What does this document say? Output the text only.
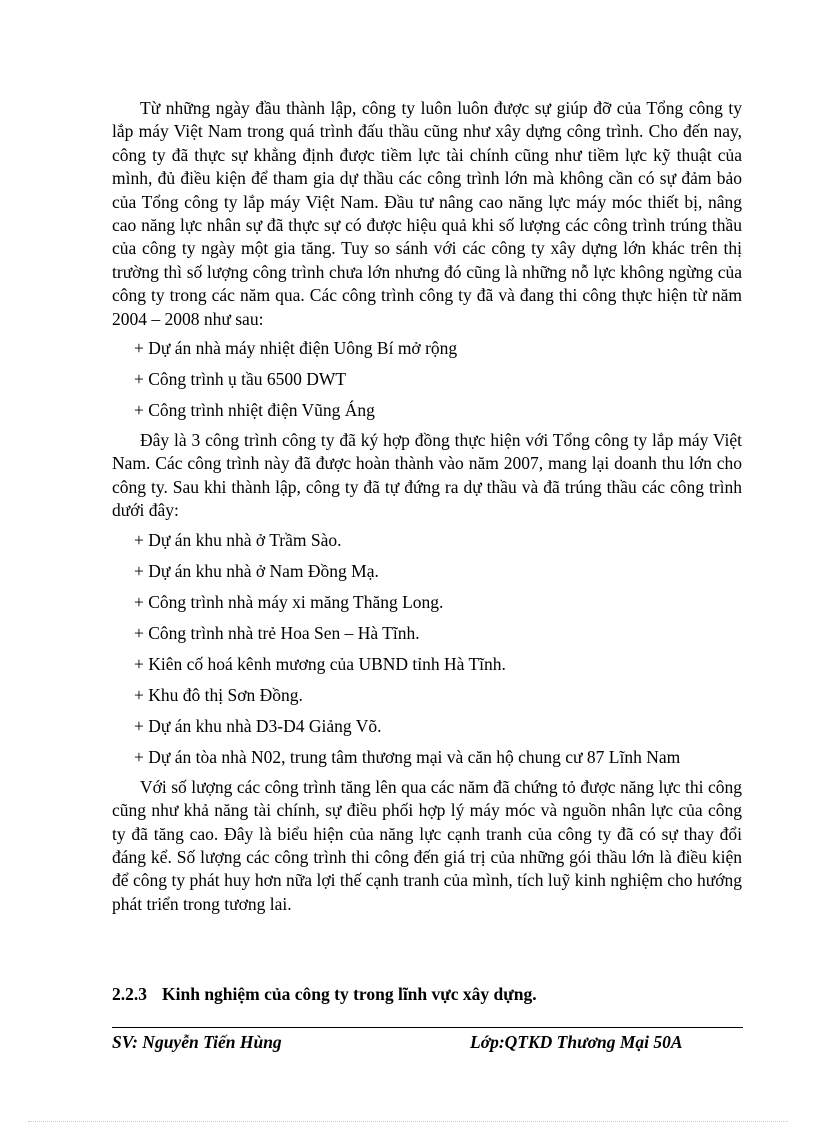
Từ những ngày đầu thành lập, công ty luôn luôn được sự giúp đỡ của Tổng công ty lắp máy Việt Nam trong quá trình đấu thầu cũng như xây dựng công trình. Cho đến nay, công ty đã thực sự khẳng định được tiềm lực tài chính cũng như tiềm lực kỹ thuật của mình, đủ điều kiện để tham gia dự thầu các công trình lớn mà không cần có sự đảm bảo của Tổng công ty lắp máy Việt Nam. Đầu tư nâng cao năng lực máy móc thiết bị, nâng cao năng lực nhân sự đã thực sự có được hiệu quả khi số lượng các công trình trúng thầu của công ty ngày một gia tăng. Tuy so sánh với các công ty xây dựng lớn khác trên thị trường thì số lượng công trình chưa lớn nhưng đó cũng là những nỗ lực không ngừng của công ty trong các năm qua. Các công trình công ty đã và đang thi công thực hiện từ năm 2004 – 2008 như sau:

+ Dự án nhà máy nhiệt điện Uông Bí mở rộng
+ Công trình ụ tầu 6500 DWT
+ Công trình nhiệt điện Vũng Áng

Đây là 3 công trình công ty đã ký hợp đồng thực hiện với Tổng công ty lắp máy Việt Nam. Các công trình này đã được hoàn thành vào năm 2007, mang lại doanh thu lớn cho công ty. Sau khi thành lập, công ty đã tự đứng ra dự thầu và đã trúng thầu các công trình dưới đây:

+ Dự án khu nhà ở Trầm Sào.
+ Dự án khu nhà ở Nam Đồng Mạ.
+ Công trình nhà máy xi măng Thăng Long.
+ Công trình nhà trẻ Hoa Sen – Hà Tĩnh.
+ Kiên cố hoá kênh mương của UBND tỉnh Hà Tĩnh.
+ Khu đô thị Sơn Đồng.
+ Dự án khu nhà D3-D4 Giảng Võ.
+ Dự án tòa nhà N02, trung tâm thương mại và căn hộ chung cư 87 Lĩnh Nam

Với số lượng các công trình tăng lên qua các năm đã chứng tỏ được năng lực thi công cũng như khả năng tài chính, sự điều phối hợp lý máy móc và nguồn nhân lực của công ty đã tăng cao. Đây là biểu hiện của năng lực cạnh tranh của công ty đã có sự thay đổi đáng kể. Số lượng các công trình thi công đến giá trị của những gói thầu lớn là điều kiện để công ty phát huy hơn nữa lợi thế cạnh tranh của mình, tích luỹ kinh nghiệm cho hướng phát triển trong tương lai.

2.2.3 Kinh nghiệm của công ty trong lĩnh vực xây dựng.
SV: Nguyễn Tiến Hùng	Lớp:QTKD Thương Mại 50A
